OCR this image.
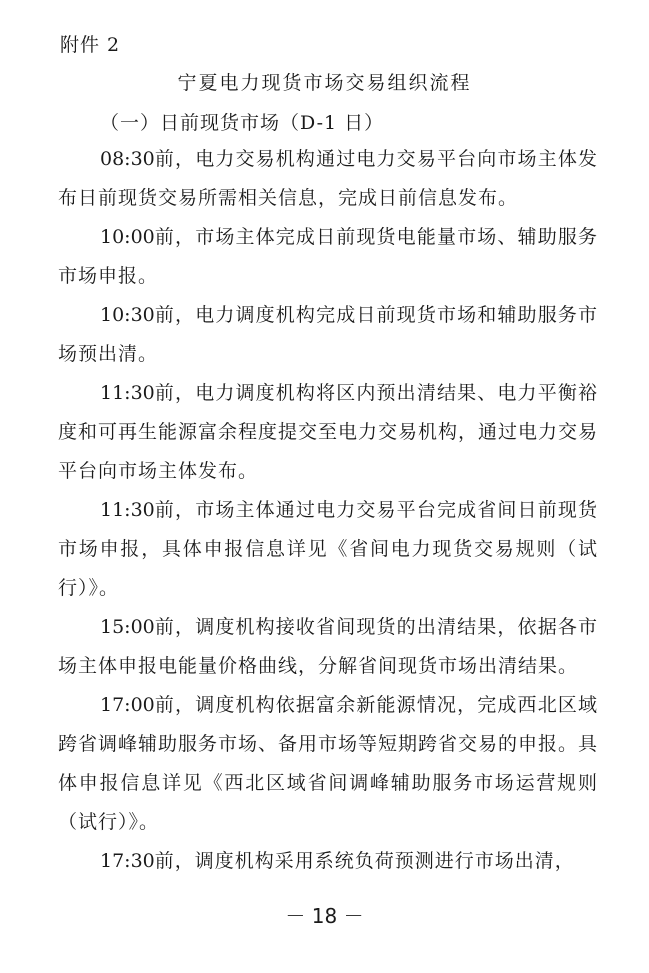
附件 2
宁夏电力现货市场交易组织流程
（一）日前现货市场（D-1 日）

08:30前，电力交易机构通过电力交易平台向市场主体发布日前现货交易所需相关信息，完成日前信息发布。

10:00前，市场主体完成日前现货电能量市场、辅助服务市场申报。

10:30前，电力调度机构完成日前现货市场和辅助服务市场预出清。

11:30前，电力调度机构将区内预出清结果、电力平衡裕度和可再生能源富余程度提交至电力交易机构，通过电力交易平台向市场主体发布。

11:30前，市场主体通过电力交易平台完成省间日前现货市场申报，具体申报信息详见《省间电力现货交易规则（试行）》。

15:00前，调度机构接收省间现货的出清结果，依据各市场主体申报电能量价格曲线，分解省间现货市场出清结果。

17:00前，调度机构依据富余新能源情况，完成西北区域跨省调峰辅助服务市场、备用市场等短期跨省交易的申报。具体申报信息详见《西北区域省间调峰辅助服务市场运营规则（试行）》。

17:30前，调度机构采用系统负荷预测进行市场出清，

－ 18 －
